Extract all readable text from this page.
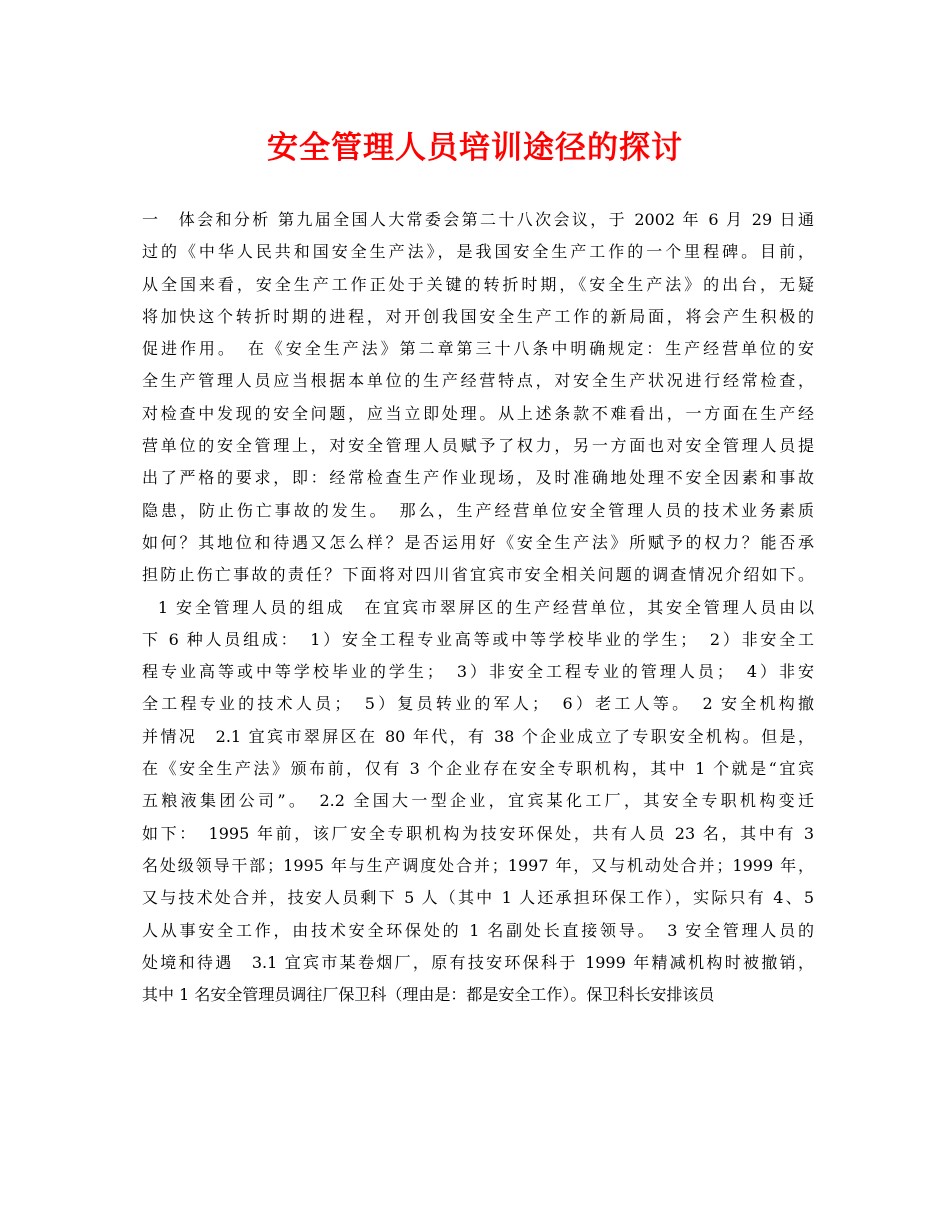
安全管理人员培训途径的探讨
一　体会和分析 第九届全国人大常委会第二十八次会议，于 2002 年 6 月 29 日通
过的《中华人民共和国安全生产法》，是我国安全生产工作的一个里程碑。目前，
从全国来看，安全生产工作正处于关键的转折时期，《安全生产法》的出台，无疑
将加快这个转折时期的进程，对开创我国安全生产工作的新局面，将会产生积极的
促进作用。　在《安全生产法》第二章第三十八条中明确规定：生产经营单位的安
全生产管理人员应当根据本单位的生产经营特点，对安全生产状况进行经常检查，
对检查中发现的安全问题，应当立即处理。从上述条款不难看出，一方面在生产经
营单位的安全管理上，对安全管理人员赋予了权力，另一方面也对安全管理人员提
出了严格的要求，即：经常检查生产作业现场，及时准确地处理不安全因素和事故
隐患，防止伤亡事故的发生。　那么，生产经营单位安全管理人员的技术业务素质
如何？其地位和待遇又怎么样？是否运用好《安全生产法》所赋予的权力？能否承
担防止伤亡事故的责任？下面将对四川省宜宾市安全相关问题的调查情况介绍如下。
1 安全管理人员的组成　在宜宾市翠屏区的生产经营单位，其安全管理人员由以
下 6 种人员组成：　1）安全工程专业高等或中等学校毕业的学生；　2）非安全工
程专业高等或中等学校毕业的学生；　3）非安全工程专业的管理人员；　4）非安
全工程专业的技术人员；　5）复员转业的军人；　6）老工人等。　2 安全机构撤
并情况　2.1 宜宾市翠屏区在 80 年代，有 38 个企业成立了专职安全机构。但是，
在《安全生产法》颁布前，仅有 3 个企业存在安全专职机构，其中 1 个就是“宜宾
五粮液集团公司”。　2.2 全国大一型企业，宜宾某化工厂，其安全专职机构变迁
如下：　1995 年前，该厂安全专职机构为技安环保处，共有人员 23 名，其中有 3
名处级领导干部；1995 年与生产调度处合并；1997 年，又与机动处合并；1999 年，
又与技术处合并，技安人员剩下 5 人（其中 1 人还承担环保工作），实际只有 4、5
人从事安全工作，由技术安全环保处的 1 名副处长直接领导。　3 安全管理人员的
处境和待遇　3.1 宜宾市某卷烟厂，原有技安环保科于 1999 年精减机构时被撤销，
其中 1 名安全管理员调往厂保卫科（理由是：都是安全工作）。保卫科长安排该员
